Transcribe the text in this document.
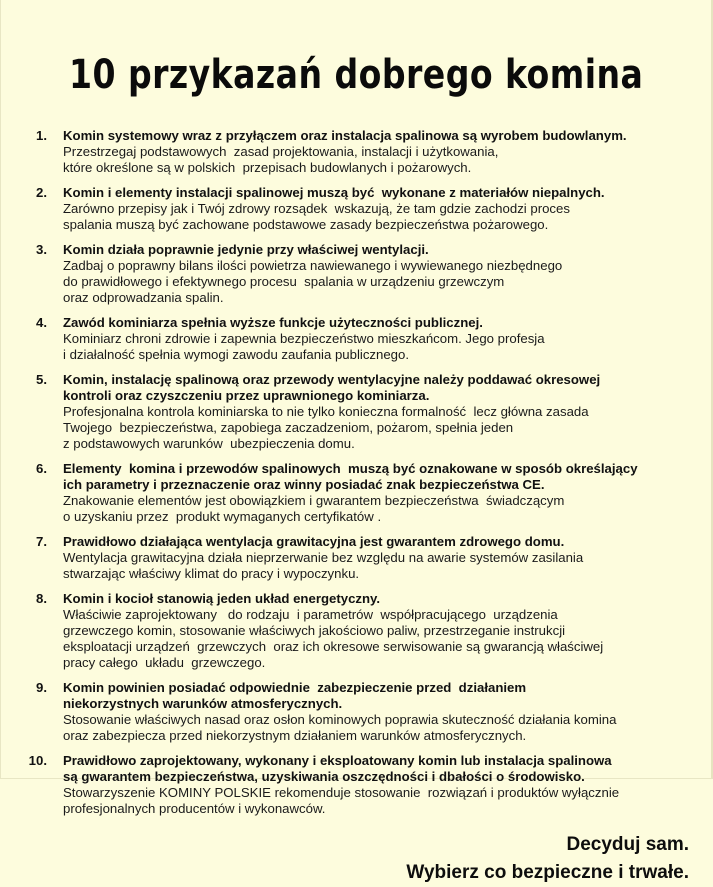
10 przykazań dobrego komina
1. Komin systemowy wraz z przyłączem oraz instalacja spalinowa są wyrobem budowlanym.

Przestrzegaj podstawowych  zasad projektowania, instalacji i użytkowania,
które określone są w polskich  przepisach budowlanych i pożarowych.

2. Komin i elementy instalacji spalinowej muszą być  wykonane z materiałów niepalnych.

Zarówno przepisy jak i Twój zdrowy rozsądek  wskazują, że tam gdzie zachodzi proces
spalania muszą być zachowane podstawowe zasady bezpieczeństwa pożarowego.

3. Komin działa poprawnie jedynie przy właściwej wentylacji.

Zadbaj o poprawny bilans ilości powietrza nawiewanego i wywiewanego niezbędnego
do prawidłowego i efektywnego procesu  spalania w urządzeniu grzewczym
oraz odprowadzania spalin.

4. Zawód kominiarza spełnia wyższe funkcje użyteczności publicznej.

Kominiarz chroni zdrowie i zapewnia bezpieczeństwo mieszkańcom. Jego profesja
i działalność spełnia wymogi zawodu zaufania publicznego.

5. Komin, instalację spalinową oraz przewody wentylacyjne należy poddawać okresowej
kontroli oraz czyszczeniu przez uprawnionego kominiarza.

Profesjonalna kontrola kominiarska to nie tylko konieczna formalność  lecz główna zasada
Twojego  bezpieczeństwa, zapobiega zaczadzeniom, pożarom, spełnia jeden
z podstawowych warunków  ubezpieczenia domu.

6. Elementy  komina i przewodów spalinowych  muszą być oznakowane w sposób określający
ich parametry i przeznaczenie oraz winny posiadać znak bezpieczeństwa CE.

Znakowanie elementów jest obowiązkiem i gwarantem bezpieczeństwa  świadczącym
o uzyskaniu przez  produkt wymaganych certyfikatów .

7. Prawidłowo działająca wentylacja grawitacyjna jest gwarantem zdrowego domu.

Wentylacja grawitacyjna działa nieprzerwanie bez względu na awarie systemów zasilania
stwarzając właściwy klimat do pracy i wypoczynku.

8. Komin i kocioł stanowią jeden układ energetyczny.

Właściwie zaprojektowany   do rodzaju  i parametrów  współpracującego  urządzenia
grzewczego komin, stosowanie właściwych jakościowo paliw, przestrzeganie instrukcji
eksploatacji urządzeń  grzewczych  oraz ich okresowe serwisowanie są gwarancją właściwej
pracy całego  układu  grzewczego.

9. Komin powinien posiadać odpowiednie  zabezpieczenie przed  działaniem
niekorzystnych warunków atmosferycznych.

Stosowanie właściwych nasad oraz osłon kominowych poprawia skuteczność działania komina
oraz zabezpiecza przed niekorzystnym działaniem warunków atmosferycznych.

10. Prawidłowo zaprojektowany, wykonany i eksploatowany komin lub instalacja spalinowa
są gwarantem bezpieczeństwa, uzyskiwania oszczędności i dbałości o środowisko.

Stowarzyszenie KOMINY POLSKIE rekomenduje stosowanie  rozwiązań i produktów wyłącznie
profesjonalnych producentów i wykonawców.

Decyduj sam.
Wybierz co bezpieczne i trwałe.
